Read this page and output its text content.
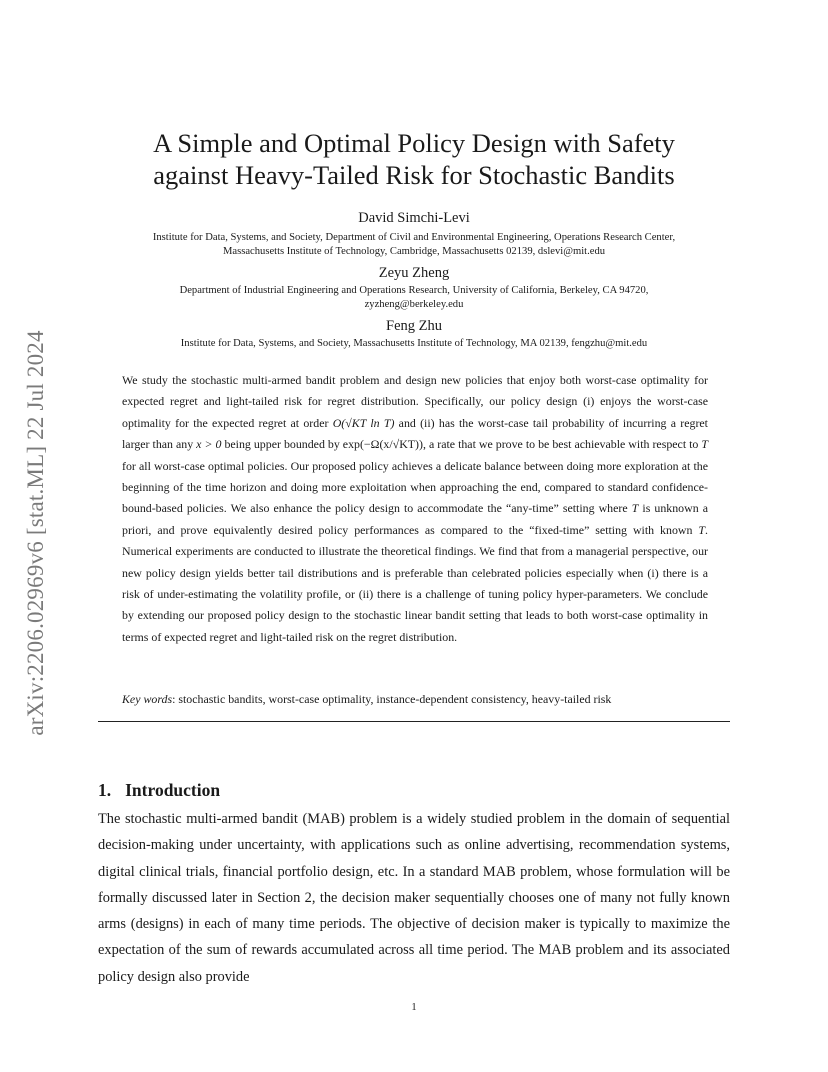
arXiv:2206.02969v6 [stat.ML] 22 Jul 2024
A Simple and Optimal Policy Design with Safety
against Heavy-Tailed Risk for Stochastic Bandits
David Simchi-Levi
Institute for Data, Systems, and Society, Department of Civil and Environmental Engineering, Operations Research Center,
Massachusetts Institute of Technology, Cambridge, Massachusetts 02139, dslevi@mit.edu
Zeyu Zheng
Department of Industrial Engineering and Operations Research, University of California, Berkeley, CA 94720,
zyzheng@berkeley.edu
Feng Zhu
Institute for Data, Systems, and Society, Massachusetts Institute of Technology, MA 02139, fengzhu@mit.edu

We study the stochastic multi-armed bandit problem and design new policies that enjoy both worst-case optimality for expected regret and light-tailed risk for regret distribution. Specifically, our policy design (i) enjoys the worst-case optimality for the expected regret at order O(√KT ln T) and (ii) has the worst-case tail probability of incurring a regret larger than any x > 0 being upper bounded by exp(−Ω(x/√KT)), a rate that we prove to be best achievable with respect to T for all worst-case optimal policies. Our proposed policy achieves a delicate balance between doing more exploration at the beginning of the time horizon and doing more exploitation when approaching the end, compared to standard confidence-bound-based policies. We also enhance the policy design to accommodate the “any-time” setting where T is unknown a priori, and prove equivalently desired policy performances as compared to the “fixed-time” setting with known T. Numerical experiments are conducted to illustrate the theoretical findings. We find that from a managerial perspective, our new policy design yields better tail distributions and is preferable than celebrated policies especially when (i) there is a risk of under-estimating the volatility profile, or (ii) there is a challenge of tuning policy hyper-parameters. We conclude by extending our proposed policy design to the stochastic linear bandit setting that leads to both worst-case optimality in terms of expected regret and light-tailed risk on the regret distribution.

Key words: stochastic bandits, worst-case optimality, instance-dependent consistency, heavy-tailed risk
1. Introduction

The stochastic multi-armed bandit (MAB) problem is a widely studied problem in the domain of sequential decision-making under uncertainty, with applications such as online advertising, recommendation systems, digital clinical trials, financial portfolio design, etc. In a standard MAB problem, whose formulation will be formally discussed later in Section 2, the decision maker sequentially chooses one of many not fully known arms (designs) in each of many time periods. The objective of decision maker is typically to maximize the expectation of the sum of rewards accumulated across all time period. The MAB problem and its associated policy design also provide

1
